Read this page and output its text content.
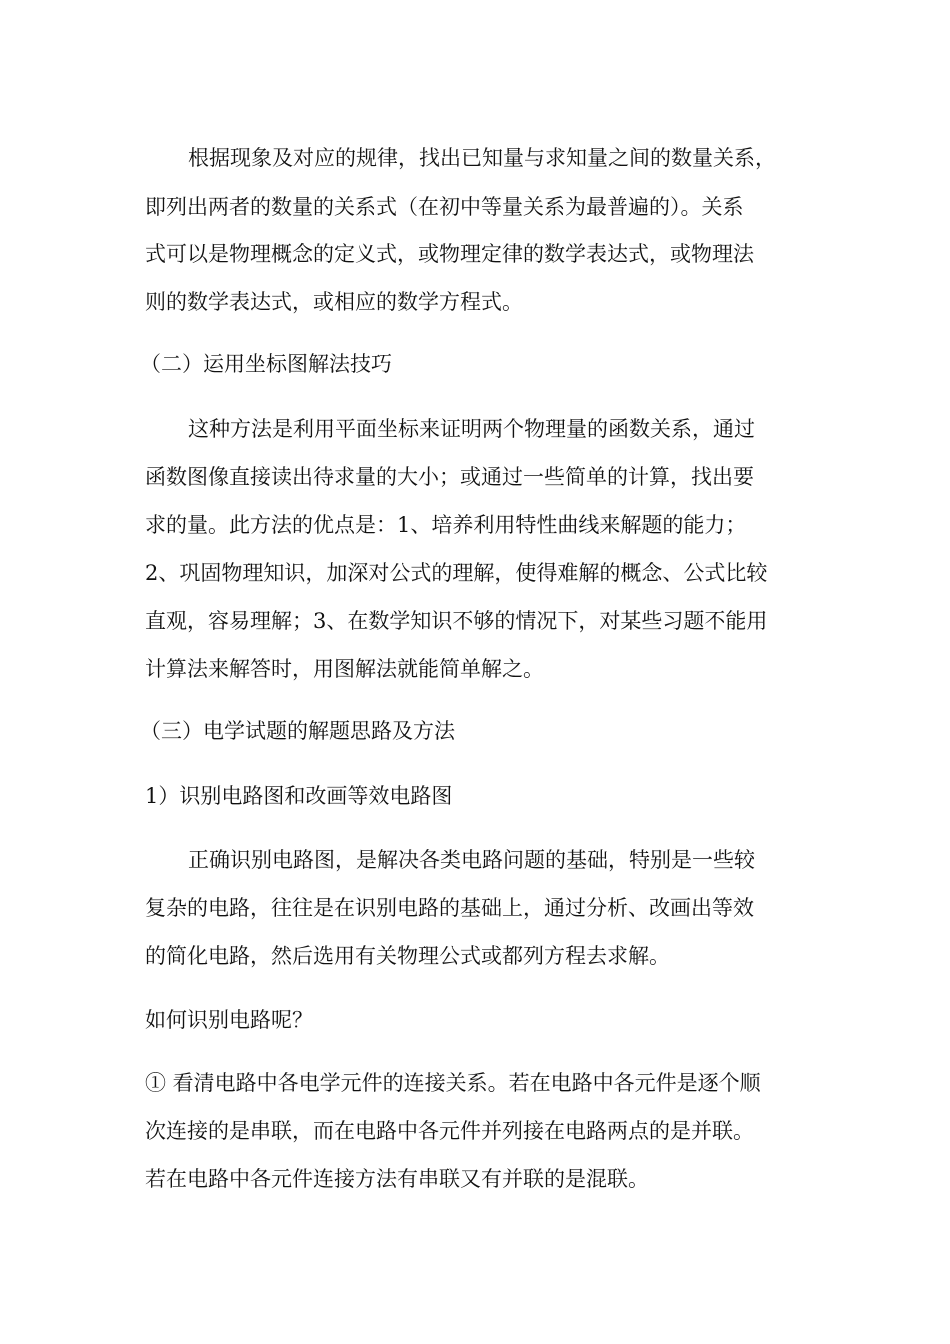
根据现象及对应的规律，找出已知量与求知量之间的数量关系，
即列出两者的数量的关系式（在初中等量关系为最普遍的）。关系
式可以是物理概念的定义式，或物理定律的数学表达式，或物理法
则的数学表达式，或相应的数学方程式。
（二）运用坐标图解法技巧
这种方法是利用平面坐标来证明两个物理量的函数关系，通过
函数图像直接读出待求量的大小；或通过一些简单的计算，找出要
求的量。此方法的优点是：1、培养利用特性曲线来解题的能力；
2、巩固物理知识，加深对公式的理解，使得难解的概念、公式比较
直观，容易理解；3、在数学知识不够的情况下，对某些习题不能用
计算法来解答时，用图解法就能简单解之。
（三）电学试题的解题思路及方法
1）识别电路图和改画等效电路图
正确识别电路图，是解决各类电路问题的基础，特别是一些较
复杂的电路，往往是在识别电路的基础上，通过分析、改画出等效
的简化电路，然后选用有关物理公式或都列方程去求解。
如何识别电路呢？
① 看清电路中各电学元件的连接关系。若在电路中各元件是逐个顺
次连接的是串联，而在电路中各元件并列接在电路两点的是并联。
若在电路中各元件连接方法有串联又有并联的是混联。
